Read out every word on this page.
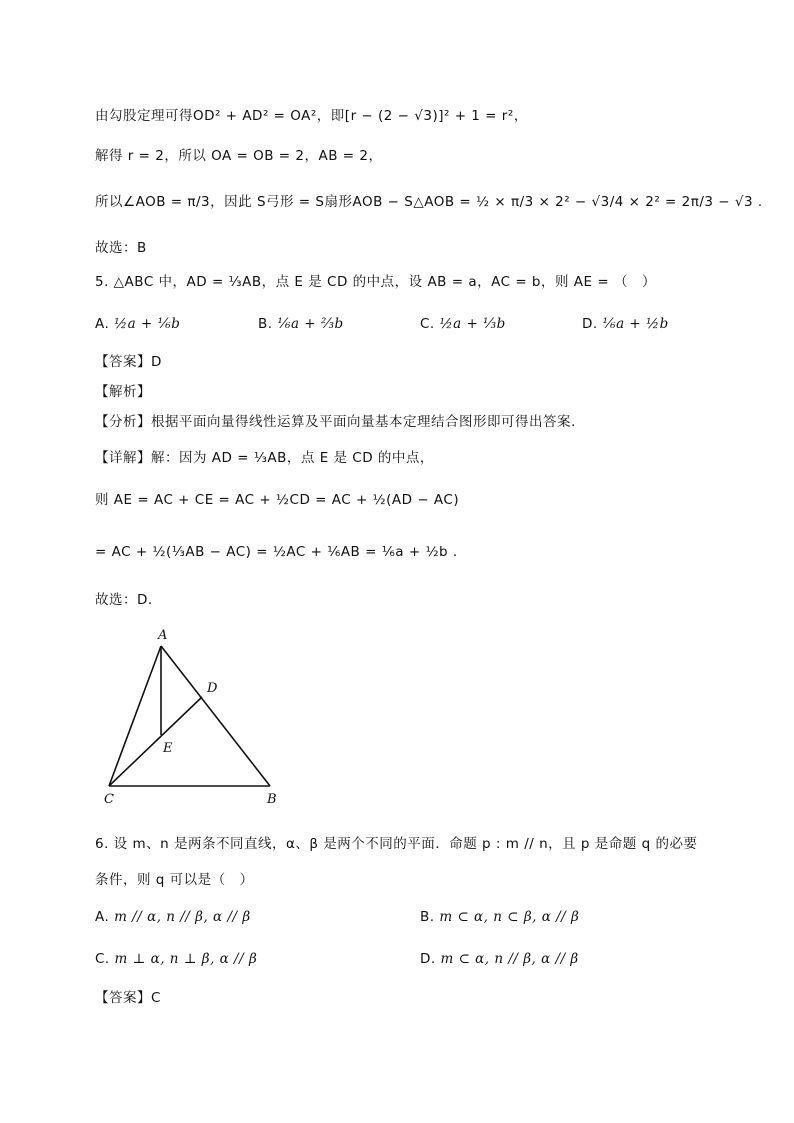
由勾股定理可得OD² + AD² = OA²，即[r − (2 − √3)]² + 1 = r²，
解得 r = 2，所以 OA = OB = 2，AB = 2，
所以∠AOB = π/3，因此 S弓形 = S扇形AOB − S△AOB = ½ × π/3 × 2² − √3/4 × 2² = 2π/3 − √3 .
故选：B
5. △ABC 中，AD = ⅓AB，点 E 是 CD 的中点，设 AB = a，AC = b，则 AE = （　）
A. ½a + ⅙b	B. ⅙a + ⅔b	C. ½a + ⅓b	D. ⅙a + ½b
【答案】D
【解析】
【分析】根据平面向量得线性运算及平面向量基本定理结合图形即可得出答案.
【详解】解：因为 AD = ⅓AB，点 E 是 CD 的中点，
则 AE = AC + CE = AC + ½CD = AC + ½(AD − AC)
= AC + ½(⅓AB − AC) = ½AC + ⅙AB = ⅙a + ½b .
故选：D.
A
D
E
C	B
6. 设 m、n 是两条不同直线，α、β 是两个不同的平面．命题 p : m // n，且 p 是命题 q 的必要
条件，则 q 可以是（　）
A. m // α, n // β, α // β	B. m ⊂ α, n ⊂ β, α // β
C. m ⊥ α, n ⊥ β, α // β	D. m ⊂ α, n // β, α // β
【答案】C
